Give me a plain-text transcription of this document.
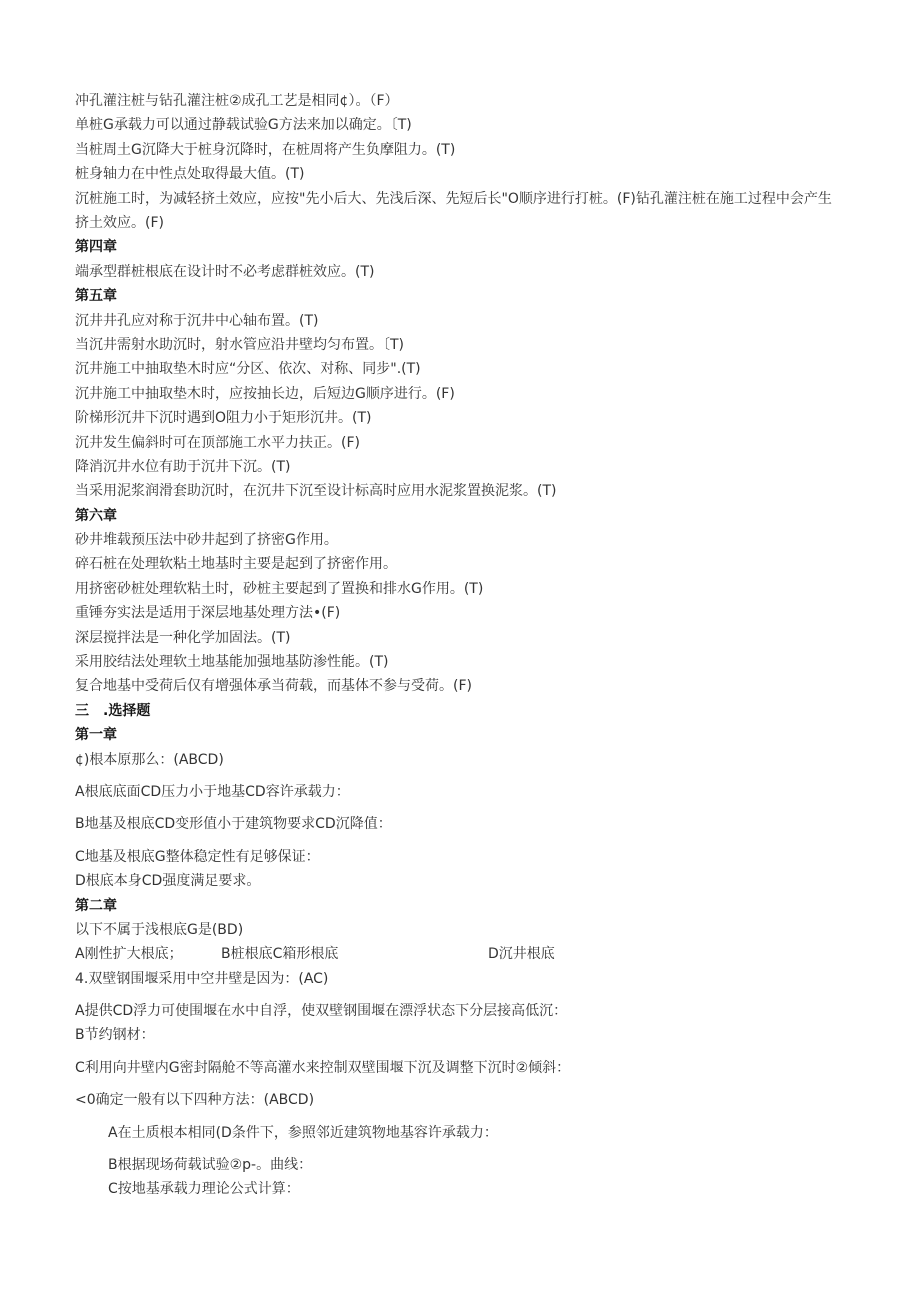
冲孔灌注桩与钻孔灌注桩②成孔工艺是相同¢）。（F）
单桩G承载力可以通过静载试验G方法来加以确定。〔T)
当桩周土G沉降大于桩身沉降时，在桩周将产生负摩阻力。(T)
桩身轴力在中性点处取得最大值。(T)
沉桩施工时，为减轻挤土效应，应按"先小后大、先浅后深、先短后长"O顺序进行打桩。(F)钻孔灌注桩在施工过程中会产生挤土效应。(F)
第四章
端承型群桩根底在设计时不必考虑群桩效应。(T)
第五章
沉井井孔应对称于沉井中心轴布置。(T)
当沉井需射水助沉时，射水管应沿井壁均匀布置。〔T)
沉井施工中抽取垫木时应“分区、依次、对称、同步".(T)
沉井施工中抽取垫木时，应按抽长边，后短边G顺序进行。(F)
阶梯形沉井下沉时遇到O阻力小于矩形沉井。(T)
沉井发生偏斜时可在顶部施工水平力扶正。(F)
降消沉井水位有助于沉井下沉。(T)
当采用泥浆润滑套助沉时，在沉井下沉至设计标高时应用水泥浆置换泥浆。(T)
第六章
砂井堆载预压法中砂井起到了挤密G作用。
碎石桩在处理软粘土地基时主要是起到了挤密作用。
用挤密砂桩处理软粘土时，砂桩主要起到了置换和排水G作用。(T)
重锤夯实法是适用于深层地基处理方法•(F)
深层搅拌法是一种化学加固法。(T)
采用胶结法处理软土地基能加强地基防渗性能。(T)
复合地基中受荷后仅有增强体承当荷载，而基体不参与受荷。(F)
三　.选择题
第一章
¢)根本原那么：(ABCD)
A根底底面CD压力小于地基CD容许承载力：
B地基及根底CD变形值小于建筑物要求CD沉降值：
C地基及根底G整体稳定性有足够保证：
D根底本身CD强度满足要求。
第二章
以下不属于浅根底G是(BD)
A刚性扩大根底；	B桩根底C箱形根底	D沉井根底
4.双壁钢围堰采用中空井壁是因为：(AC)
A提供CD浮力可使围堰在水中自浮，使双壁钢围堰在漂浮状态下分层接高低沉：
B节约钢材：
C利用向井壁内G密封隔舱不等高灌水来控制双壁围堰下沉及调整下沉时②倾斜：
<0确定一般有以下四种方法：(ABCD)
A在土质根本相同(D条件下，参照邻近建筑物地基容许承载力：
B根据现场荷载试验②p-。曲线：
C按地基承载力理论公式计算：
